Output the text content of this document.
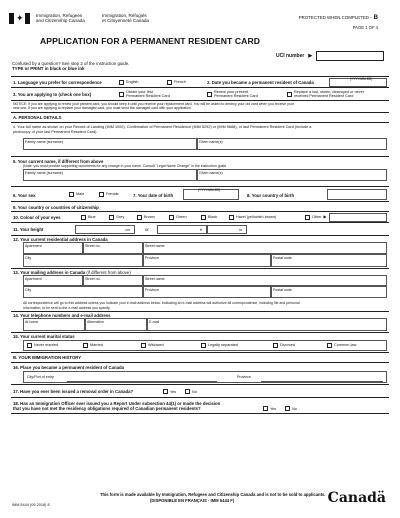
✦	Immigration, Refugees
and Citizenship Canada
Immigration, Réfugiés
et Citoyenneté Canada
PROTECTED WHEN COMPLETED - B
PAGE 1 OF 4
APPLICATION FOR A PERMANENT RESIDENT CARD
UCI number ▶
Confused by a question? See step 2 of the instruction guide.
TYPE or PRINT in black or blue ink
1. Language you prefer for correspondence	English	French	2. Date you became a permanent resident of Canada
(YYYY-MM-DD)
3. You are applying to (check one box)	Obtain your first
Permanent Resident Card
Renew your present
Permanent Resident Card
Replace a lost, stolen, destroyed or never
received Permanent Resident Card
NOTICE: If you are applying to renew your present card, you should keep it until you receive your replacement card. You will be asked to destroy your old card when you receive your
new one. If you are applying to replace your damaged card, you must send the damaged card with your application.
A. PERSONAL DETAILS
4. Your full name as shown on your Record of Landing (IMM 1000), Confirmation of Permanent Residence (IMM 5292) or (IMM 5688), or last Permanent Resident Card (include a
photocopy of your last Permanent Resident Card).
Family name (surname)	Given name(s)
5. Your current name, if different from above
(Note: you must provide supporting documents for any change in your name. Consult "Legal Name Change" in the instruction guide
Family name (surname)	Given name(s)
6. Your sex	Male	Female	7. Your date of birth
(YYYY-MM-DD)
8. Your country of birth
9. Your country or countries of citizenship
10. Colour of your eyes	Blue	Grey	Brown	Green	Black	Hazel (yellowish-brown)	Other ▶
11. Your height	cm	or	ft	in
12. Your current residential address in Canada
Apartment	Street no.	Street name
City	Province	Postal code
13. Your mailing address in Canada (if different from above)
Apartment	Street no.	Street name
City	Province	Postal code
All correspondence will go to this address unless you indicate your e-mail address below. Indicating an e-mail address will authorize all correspondence, including file and personal
information, to be sent to the e-mail address you specify.
14. Your telephone numbers and e-mail address
At home	Alternative	E-mail
15. Your current marital status
Never married	Married	Widowed	Legally separated	Divorced	Common-law
B. YOUR IMMIGRATION HISTORY
16. Place you became a permanent resident of Canada
City/Port of entry	Province
17. Have you ever been issued a removal order in Canada?	Yes	No
18. Has an Immigration Officer ever issued you a Report Under subsection 44(1) or made the decision
that you have not met the residency obligations required of Canadian permanent residents?	Yes	No
This form is made available by Immigration, Refugees and Citizenship Canada and is not to be sold to applicants.
(DISPONIBLE EN FRANÇAIS - IMM 5444 F)
IMM 5444 (09-2018) E	Canadä
